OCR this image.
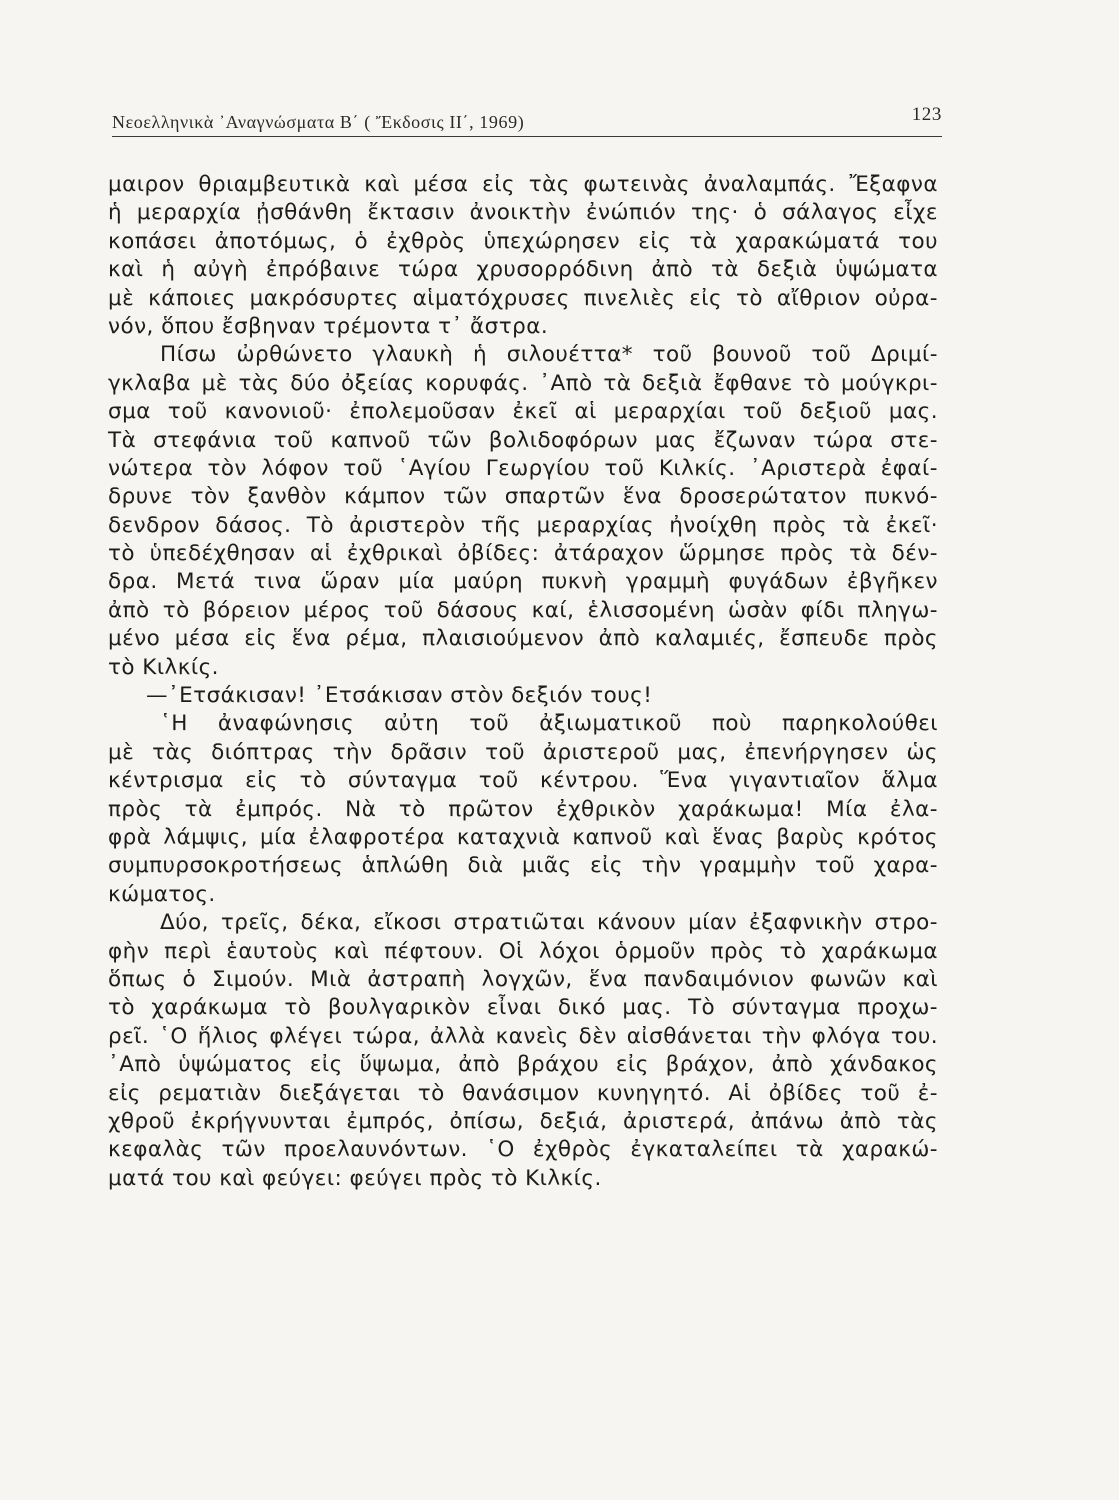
Νεοελληνικὰ ᾿Αναγνώσματα Β΄ ( Ἔκδοσις ΙΙ΄, 1969)	123
μαιρον θριαμβευτικὰ καὶ μέσα εἰς τὰς φωτεινὰς ἀναλαμπάς. Ἔξαφνα
ἡ μεραρχία ᾐσθάνθη ἔκτασιν ἀνοικτὴν ἐνώπιόν της· ὁ σάλαγος εἶχε
κοπάσει ἀποτόμως, ὁ ἐχθρὸς ὑπεχώρησεν εἰς τὰ χαρακώματά του
καὶ ἡ αὐγὴ ἐπρόβαινε τώρα χρυσορρόδινη ἀπὸ τὰ δεξιὰ ὑψώματα
μὲ κάποιες μακρόσυρτες αἱματόχρυσες πινελιὲς εἰς τὸ αἴθριον οὐρα-
νόν, ὅπου ἔσβηναν τρέμοντα τ᾿ ἄστρα.
Πίσω ὠρθώνετο γλαυκὴ ἡ σιλουέττα* τοῦ βουνοῦ τοῦ Δριμί-
γκλαβα μὲ τὰς δύο ὀξείας κορυφάς. ᾿Απὸ τὰ δεξιὰ ἔφθανε τὸ μούγκρι-
σμα τοῦ κανονιοῦ· ἐπολεμοῦσαν ἐκεῖ αἱ μεραρχίαι τοῦ δεξιοῦ μας.
Τὰ στεφάνια τοῦ καπνοῦ τῶν βολιδοφόρων μας ἔζωναν τώρα στε-
νώτερα τὸν λόφον τοῦ ῾Αγίου Γεωργίου τοῦ Κιλκίς. ᾿Αριστερὰ ἐφαί-
δρυνε τὸν ξανθὸν κάμπον τῶν σπαρτῶν ἕνα δροσερώτατον πυκνό-
δενδρον δάσος. Τὸ ἀριστερὸν τῆς μεραρχίας ἠνοίχθη πρὸς τὰ ἐκεῖ·
τὸ ὑπεδέχθησαν αἱ ἐχθρικαὶ ὀβίδες: ἀτάραχον ὥρμησε πρὸς τὰ δέν-
δρα. Μετά τινα ὥραν μία μαύρη πυκνὴ γραμμὴ φυγάδων ἐβγῆκεν
ἀπὸ τὸ βόρειον μέρος τοῦ δάσους καί, ἑλισσομένη ὡσὰν φίδι πληγω-
μένο μέσα εἰς ἕνα ρέμα, πλαισιούμενον ἀπὸ καλαμιές, ἔσπευδε πρὸς
τὸ Κιλκίς.
—᾿Ετσάκισαν! ᾿Ετσάκισαν στὸν δεξιόν τους!
῾Η ἀναφώνησις αὐτη τοῦ ἀξιωματικοῦ ποὺ παρηκολούθει
μὲ τὰς διόπτρας τὴν δρᾶσιν τοῦ ἀριστεροῦ μας, ἐπενήργησεν ὡς
κέντρισμα εἰς τὸ σύνταγμα τοῦ κέντρου. Ἕνα γιγαντιαῖον ἅλμα
πρὸς τὰ ἐμπρός. Νὰ τὸ πρῶτον ἐχθρικὸν χαράκωμα! Μία ἐλα-
φρὰ λάμψις, μία ἐλαφροτέρα καταχνιὰ καπνοῦ καὶ ἕνας βαρὺς κρότος
συμπυρσοκροτήσεως ἁπλώθη διὰ μιᾶς εἰς τὴν γραμμὴν τοῦ χαρα-
κώματος.
Δύο, τρεῖς, δέκα, εἴκοσι στρατιῶται κάνουν μίαν ἐξαφνικὴν στρο-
φὴν περὶ ἑαυτοὺς καὶ πέφτουν. Οἱ λόχοι ὁρμοῦν πρὸς τὸ χαράκωμα
ὅπως ὁ Σιμούν. Μιὰ ἀστραπὴ λογχῶν, ἕνα πανδαιμόνιον φωνῶν καὶ
τὸ χαράκωμα τὸ βουλγαρικὸν εἶναι δικό μας. Τὸ σύνταγμα προχω-
ρεῖ. ῾Ο ἥλιος φλέγει τώρα, ἀλλὰ κανεὶς δὲν αἰσθάνεται τὴν φλόγα του.
᾿Απὸ ὑψώματος εἰς ὕψωμα, ἀπὸ βράχου εἰς βράχον, ἀπὸ χάνδακος
εἰς ρεματιὰν διεξάγεται τὸ θανάσιμον κυνηγητό. Αἱ ὀβίδες τοῦ ἐ-
χθροῦ ἐκρήγνυνται ἐμπρός, ὀπίσω, δεξιά, ἀριστερά, ἀπάνω ἀπὸ τὰς
κεφαλὰς τῶν προελαυνόντων. ῾Ο ἐχθρὸς ἐγκαταλείπει τὰ χαρακώ-
ματά του καὶ φεύγει: φεύγει πρὸς τὸ Κιλκίς.
